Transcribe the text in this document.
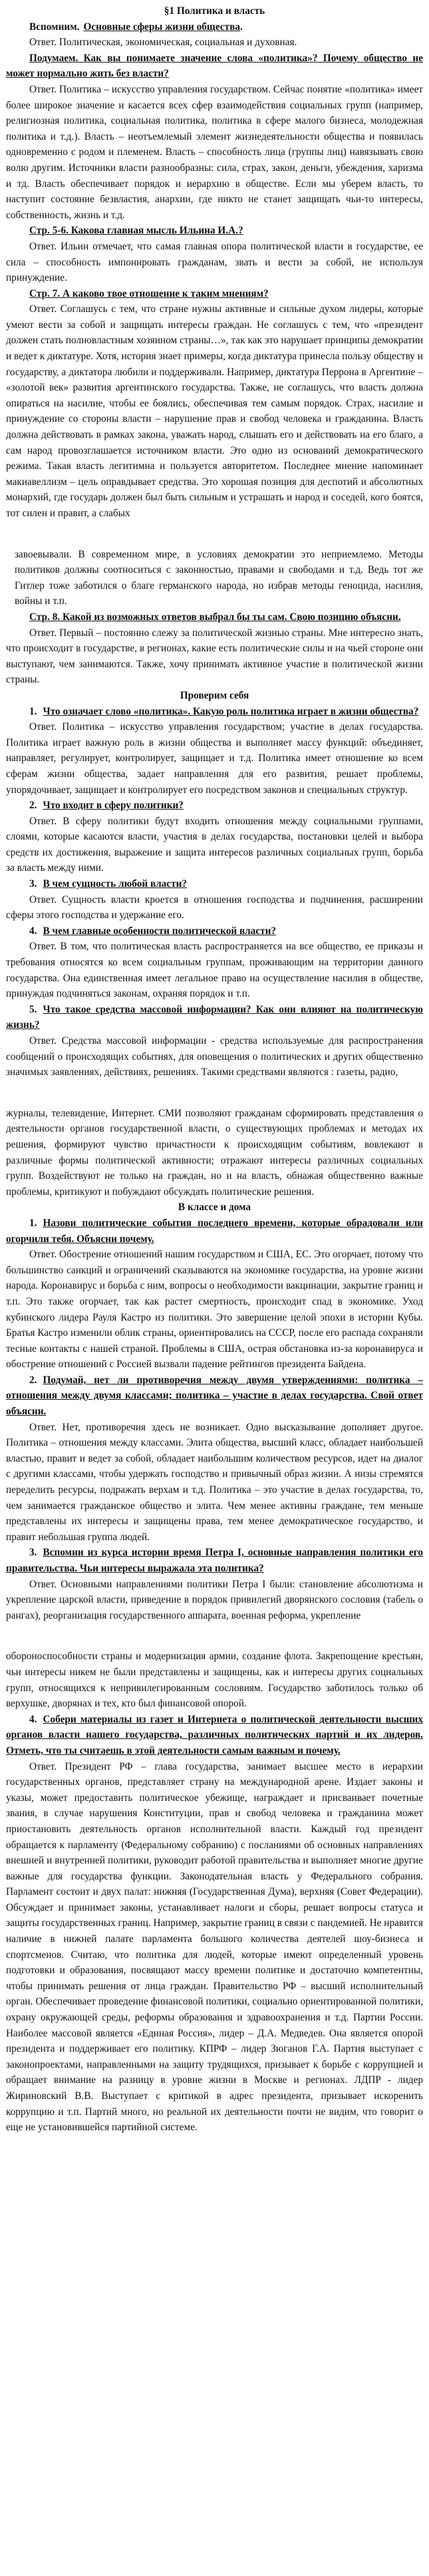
§1 Политика и власть
Вспомним. Основные сферы жизни общества.
Ответ. Политическая, экономическая, социальная и духовная.
Подумаем. Как вы понимаете значение слова «политика»? Почему общество не может нормально жить без власти?
Ответ. Политика – искусство управления государством. Сейчас понятие «политика» имеет более широкое значение и касается всех сфер взаимодействия социальных групп (например, религиозная политика, социальная политика, политика в сфере малого бизнеса, молодежная политика и т.д.). Власть – неотъемлемый элемент жизнедеятельности общества и появилась одновременно с родом и племенем. Власть – способность лица (группы лиц) навязывать свою волю другим. Источники власти разнообразны: сила, страх, закон, деньги, убеждения, харизма и тд. Власть обеспечивает порядок и иерархию в обществе. Если мы уберем власть, то наступит состояние безвластия, анархии, где никто не станет защищать чьи-то интересы, собственность, жизнь и т.д.
Стр. 5-6. Какова главная мысль Ильина И.А.?
Ответ. Ильин отмечает, что самая главная опора политической власти в государстве, ее сила – способность импонировать гражданам, звать и вести за собой, не используя принуждение.
Стр. 7. А каково твое отношение к таким мнениям?
Ответ. Соглашусь с тем, что стране нужны активные и сильные духом лидеры, которые умеют вести за собой и защищать интересы граждан. Не соглашусь с тем, что «президент должен стать полновластным хозяином страны…», так как это нарушает принципы демократии и ведет к диктатуре. Хотя, история знает примеры, когда диктатура принесла пользу обществу и государству, а диктатора любили и поддерживали. Например, диктатура Перрона в Аргентине – «золотой век» развития аргентинского государства. Также, не соглашусь, что власть должна опираться на насилие, чтобы ее боялись, обеспечивая тем самым порядок. Страх, насилие и принуждение со стороны власти – нарушение прав и свобод человека и гражданина. Власть должна действовать в рамках закона, уважать народ, слышать его и действовать на его благо, а сам народ провозглашается источником власти. Это одно из оснований демократического режима. Такая власть легитимна и пользуется авторитетом. Последнее мнение напоминает макиавеллизм – цель оправдывает средства. Это хорошая позиция для деспотий и абсолютных монархий, где государь должен был быть сильным и устрашать и народ и соседей, кого боятся, тот силен и правит, а слабых
завоевывали. В современном мире, в условиях демократии это неприемлемо. Методы политиков должны соотноситься с законностью, правами и свободами и т.д. Ведь тот же Гитлер тоже заботился о благе германского народа, но избрав методы геноцида, насилия, войны и т.п.
Стр. 8. Какой из возможных ответов выбрал бы ты сам. Свою позицию объясни.
Ответ. Первый – постоянно слежу за политической жизнью страны. Мне интересно знать, что происходит в государстве, в регионах, какие есть политические силы и на чьей стороне они выступают, чем занимаются. Также, хочу принимать активное участие в политической жизни страны.
Проверим себя
1. Что означает слово «политика». Какую роль политика играет в жизни общества?
Ответ. Политика – искусство управления государством; участие в делах государства. Политика играет важную роль в жизни общества и выполняет массу функций: объединяет, направляет, регулирует, контролирует, защищает и т.д. Политика имеет отношение ко всем сферам жизни общества, задает направления для его развития, решает проблемы, упорядочивает, защищает и контролирует его посредством законов и специальных структур.
2. Что входит в сферу политики?
Ответ. В сферу политики будут входить отношения между социальными группами, слоями, которые касаются власти, участия в делах государства, постановки целей и выбора средств их достижения, выражение и защита интересов различных социальных групп, борьба за власть между ними.
3. В чем сущность любой власти?
Ответ. Сущность власти кроется в отношения господства и подчинения, расширении сферы этого господства и удержание его.
4. В чем главные особенности политической власти?
Ответ. В том, что политическая власть распространяется на все общество, ее приказы и требования относятся ко всем социальным группам, проживающим на территории данного государства. Она единственная имеет легальное право на осуществление насилия в обществе, принуждая подчиняться законам, охраняя порядок и т.п.
5. Что такое средства массовой информации? Как они влияют на политическую жизнь?
Ответ. Средства массовой информации - средства используемые для распространения сообщений о происходящих событиях, для оповещения о политических и других общественно значимых заявлениях, действиях, решениях. Такими средствами являются : газеты, радио,
журналы, телевидение, Интернет. СМИ позволяют гражданам сформировать представления о деятельности органов государственной власти, о существующих проблемах и методах их решения, формируют чувство причастности к происходящим событиям, вовлекают в различные формы политической активности; отражают интересы различных социальных групп. Воздействуют не только на граждан, но и на власть, обнажая общественно важные проблемы, критикуют и побуждают обсуждать политические решения.
В классе и дома
1. Назови политические события последнего времени, которые обрадовали или огорчили тебя. Объясни почему.
Ответ. Обострение отношений нашим государством и США, ЕС. Это огорчает, потому что большинство санкций и ограничений сказываются на экономике государства, на уровне жизни народа. Коронавирус и борьба с ним, вопросы о необходимости вакцинации, закрытие границ и т.п. Это также огорчает, так как растет смертность, происходит спад в экономике. Уход кубинского лидера Рауля Кастро из политики. Это завершение целой эпохи в истории Кубы. Братья Кастро изменили облик страны, ориентировались на СССР, после его распада сохраняли тесные контакты с нашей страной. Проблемы в США, острая обстановка из-за коронавируса и обострение отношений с Россией вызвали падение рейтингов президента Байдена.
2. Подумай, нет ли противоречия между двумя утверждениями: политика – отношения между двумя классами; политика – участие в делах государства. Свой ответ объясни.
Ответ. Нет, противоречия здесь не возникает. Одно высказывание дополняет другое. Политика – отношения между классами. Элита общества, высший класс, обладает наибольшей властью, правит и ведет за собой, обладает наибольшим количеством ресурсов, идет на диалог с другими классами, чтобы удержать господство и привычный образ жизни. А низы стремятся переделить ресурсы, подражать верхам и т.д. Политика – это участие в делах государства, то, чем занимается гражданское общество и элита. Чем менее активны граждане, тем меньше представлены их интересы и защищены права, тем менее демократическое государство, и правит небольшая группа людей.
3. Вспомни из курса истории время Петра I, основные направления политики его правительства. Чьи интересы выражала эта политика?
Ответ. Основными направлениями политики Петра I были: становление абсолютизма и укрепление царской власти, приведение в порядок привилегий дворянского сословия (табель о рангах), реорганизация государственного аппарата, военная реформа, укрепление
обороноспособности страны и модернизация армии, создание флота. Закрепощение крестьян, чьи интересы никем не были представлены и защищены, как и интересы других социальных групп, относящихся к непривилегированным сословиям. Государство заботилось только об верхушке, дворянах и тех, кто был финансовой опорой.
4. Собери материалы из газет и Интернета о политической деятельности высших органов власти нашего государства, различных политических партий и их лидеров. Отметь, что ты считаешь в этой деятельности самым важным и почему.
Ответ. Президент РФ – глава государства, занимает высшее место в иерархии государственных органов, представляет страну на международной арене. Издает законы и указы, может предоставить политическое убежище, награждает и присваивает почетные звания, в случае нарушения Конституции, прав и свобод человека и гражданина может приостановить деятельность органов исполнительной власти. Каждый год президент обращается к парламенту (Федеральному собранию) с посланиями об основных направлениях внешней и внутренней политики, руководит работой правительства и выполняет многие другие важные для государства функции. Законодательная власть у Федерального собрания. Парламент состоит и двух палат: нижняя (Государственная Дума), верхняя (Совет Федерации). Обсуждает и принимает законы, устанавливает налоги и сборы, решает вопросы статуса и защиты государственных границ. Например, закрытие границ в связи с пандемией. Не нравится наличие в нижней палате парламента большого количества деятелей шоу-бизнеса и спортсменов. Считаю, что политика для людей, которые имеют определенный уровень подготовки и образования, посвящают массу времени политике и достаточно компетентны, чтобы принимать решения от лица граждан. Правительство РФ – высший исполнительный орган. Обеспечивает проведение финансовой политики, социально ориентированной политики, охрану окружающей среды, реформы образования и здравоохранения и т.д. Партии России. Наиболее массовой является «Единая Россия», лидер – Д.А. Медведев. Она является опорой президента и поддерживает его политику. КПРФ – лидер Зюганов Г.А. Партия выступает с законопроектами, направленными на защиту трудящихся, призывает к борьбе с коррупцией и обращает внимание на разницу в уровне жизни в Москве и регионах. ЛДПР - лидер Жириновский В.В. Выступает с критикой в адрес президента, призывает искоренить коррупцию и т.п. Партий много, но реальной их деятельности почти не видим, что говорит о еще не установившейся партийной системе.
